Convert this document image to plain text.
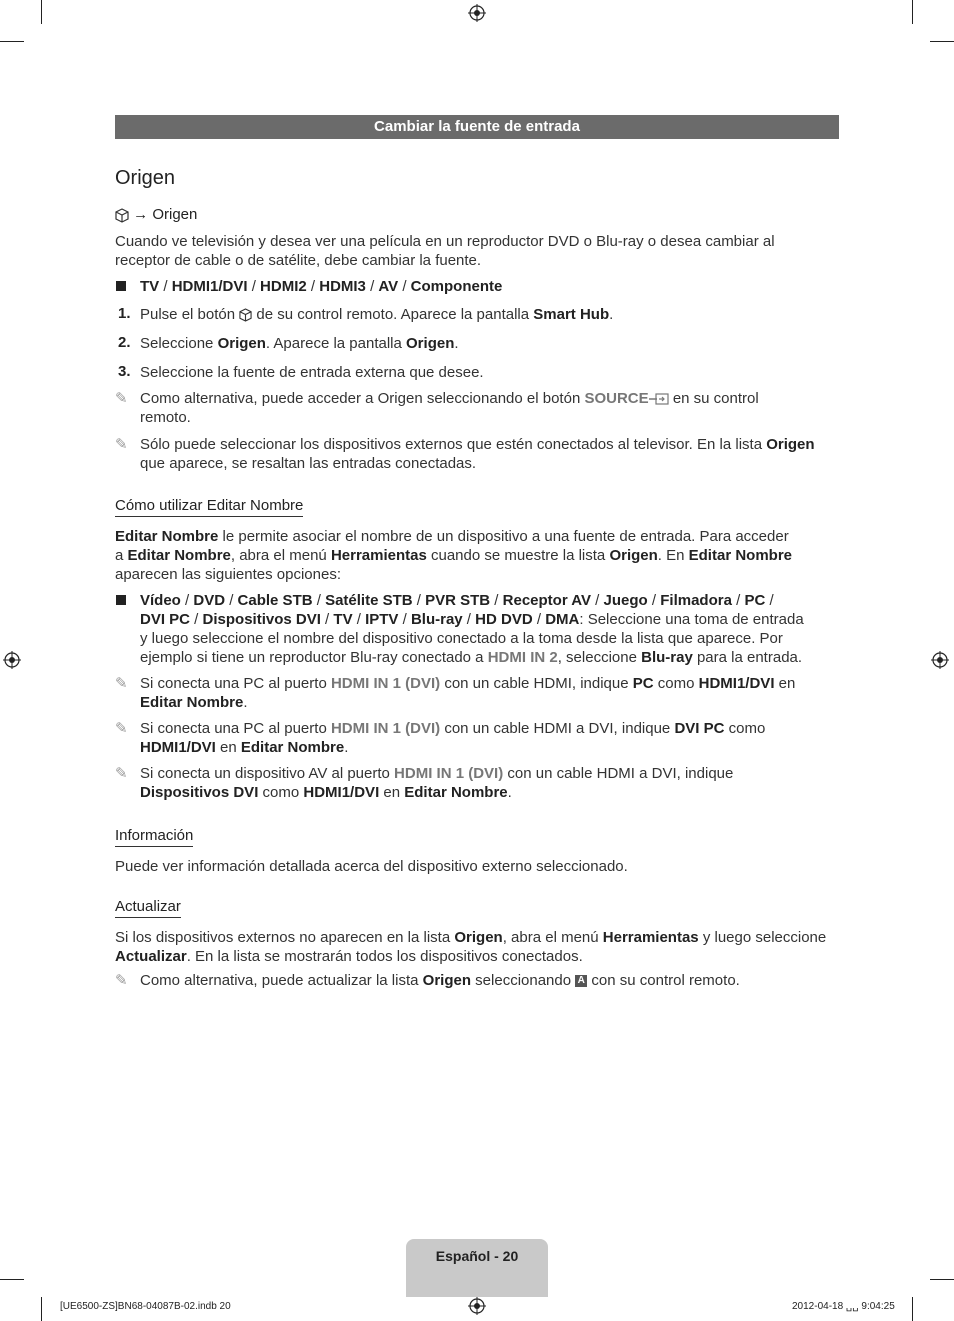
Cambiar la fuente de entrada
Origen
→ Origen
Cuando ve televisión y desea ver una película en un reproductor DVD o Blu-ray o desea cambiar al
receptor de cable o de satélite, debe cambiar la fuente.
TV / HDMI1/DVI / HDMI2 / HDMI3 / AV / Componente
1. Pulse el botón de su control remoto. Aparece la pantalla Smart Hub.
2. Seleccione Origen. Aparece la pantalla Origen.
3. Seleccione la fuente de entrada externa que desee.
✎ Como alternativa, puede acceder a Origen seleccionando el botón SOURCE en su control
remoto.
✎ Sólo puede seleccionar los dispositivos externos que estén conectados al televisor. En la lista Origen
que aparece, se resaltan las entradas conectadas.
Cómo utilizar Editar Nombre
Editar Nombre le permite asociar el nombre de un dispositivo a una fuente de entrada. Para acceder
a Editar Nombre, abra el menú Herramientas cuando se muestre la lista Origen. En Editar Nombre
aparecen las siguientes opciones:
Vídeo / DVD / Cable STB / Satélite STB / PVR STB / Receptor AV / Juego / Filmadora / PC /
DVI PC / Dispositivos DVI / TV / IPTV / Blu-ray / HD DVD / DMA: Seleccione una toma de entrada
y luego seleccione el nombre del dispositivo conectado a la toma desde la lista que aparece. Por
ejemplo si tiene un reproductor Blu-ray conectado a HDMI IN 2, seleccione Blu-ray para la entrada.
✎ Si conecta una PC al puerto HDMI IN 1 (DVI) con un cable HDMI, indique PC como HDMI1/DVI en
Editar Nombre.
✎ Si conecta una PC al puerto HDMI IN 1 (DVI) con un cable HDMI a DVI, indique DVI PC como
HDMI1/DVI en Editar Nombre.
✎ Si conecta un dispositivo AV al puerto HDMI IN 1 (DVI) con un cable HDMI a DVI, indique
Dispositivos DVI como HDMI1/DVI en Editar Nombre.
Información
Puede ver información detallada acerca del dispositivo externo seleccionado.
Actualizar
Si los dispositivos externos no aparecen en la lista Origen, abra el menú Herramientas y luego seleccione
Actualizar. En la lista se mostrarán todos los dispositivos conectados.
✎ Como alternativa, puede actualizar la lista Origen seleccionando A con su control remoto.
Español - 20
[UE6500-ZS]BN68-04087B-02.indb 20	2012-04-18 ␣␣ 9:04:25
